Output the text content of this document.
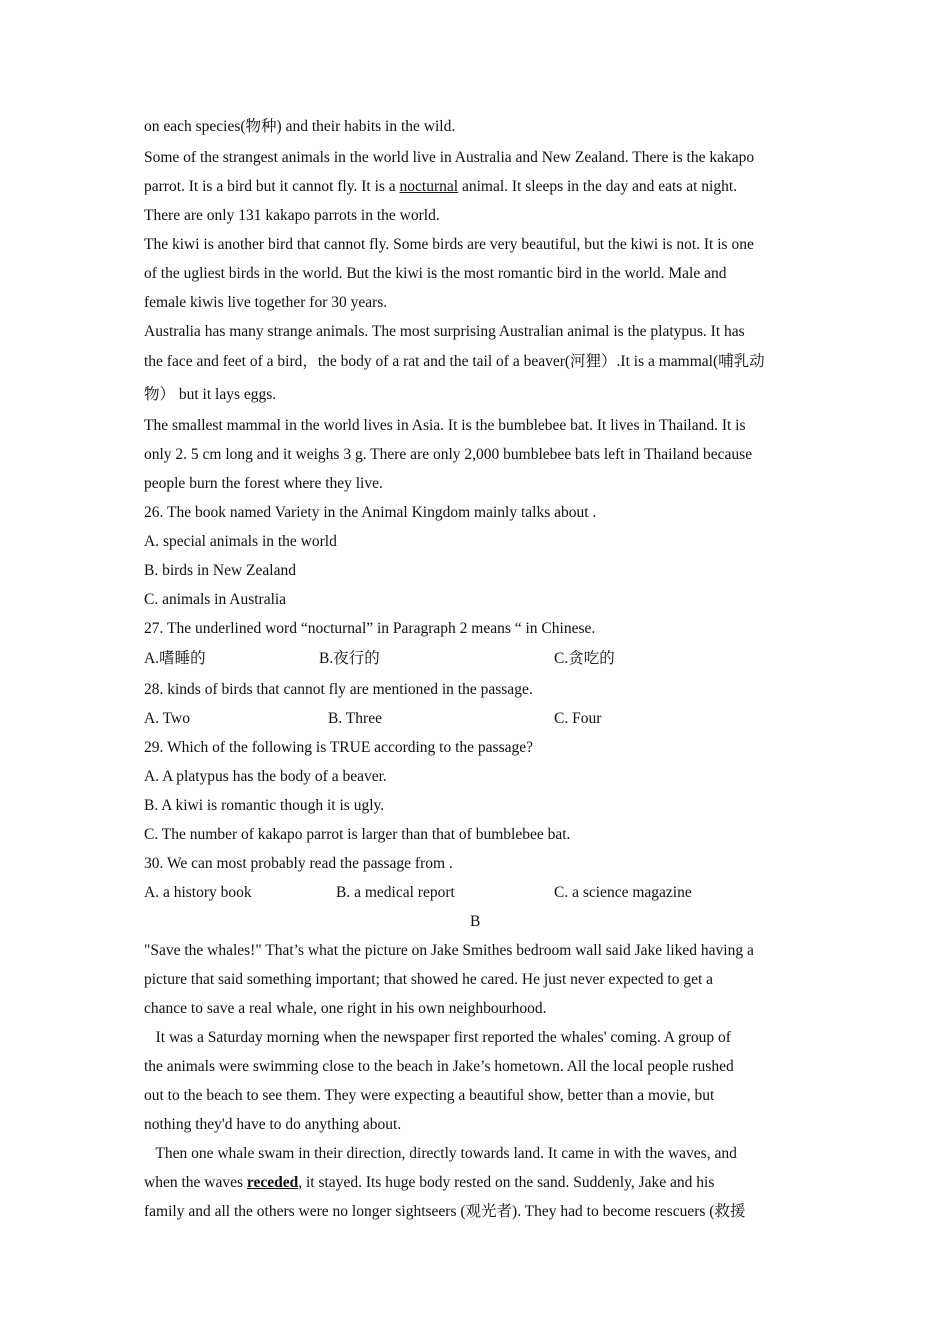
on each species(物种) and their habits in the wild.
Some of the strangest animals in the world live in Australia and New Zealand. There is the kakapo
parrot. It is a bird but it cannot fly. It is a nocturnal animal. It sleeps in the day and eats at night.
There are only 131 kakapo parrots in the world.
The kiwi is another bird that cannot fly. Some birds are very beautiful, but the kiwi is not. It is one
of the ugliest birds in the world. But the kiwi is the most romantic bird in the world. Male and
female kiwis live together for 30 years.
Australia has many strange animals. The most surprising Australian animal is the platypus. It has
the face and feet of a bird，the body of a rat and the tail of a beaver(河狸）.It is a mammal(哺乳动
物） but it lays eggs.
The smallest mammal in the world lives in Asia. It is the bumblebee bat. It lives in Thailand. It is
only 2. 5 cm long and it weighs 3 g. There are only 2,000 bumblebee bats left in Thailand because
people burn the forest where they live.
26. The book named Variety in the Animal Kingdom mainly talks about .
A. special animals in the world
B. birds in New Zealand
C. animals in Australia
27. The underlined word “nocturnal” in Paragraph 2 means “ in Chinese.
A.嗜睡的	B.夜行的	C.贪吃的
28. kinds of birds that cannot fly are mentioned in the passage.
A. Two	B. Three	C. Four
29. Which of the following is TRUE according to the passage?
A. A platypus has the body of a beaver.
B. A kiwi is romantic though it is ugly.
C. The number of kakapo parrot is larger than that of bumblebee bat.
30. We can most probably read the passage from .
A. a history book	B. a medical report	C. a science magazine
B
"Save the whales!" That’s what the picture on Jake Smithes bedroom wall said Jake liked having a
picture that said something important; that showed he cared. He just never expected to get a
chance to save a real whale, one right in his own neighbourhood.
It was a Saturday morning when the newspaper first reported the whales' coming. A group of
the animals were swimming close to the beach in Jake’s hometown. All the local people rushed
out to the beach to see them. They were expecting a beautiful show, better than a movie, but
nothing they'd have to do anything about.
Then one whale swam in their direction, directly towards land. It came in with the waves, and
when the waves receded, it stayed. Its huge body rested on the sand. Suddenly, Jake and his
family and all the others were no longer sightseers (观光者). They had to become rescuers (救援
